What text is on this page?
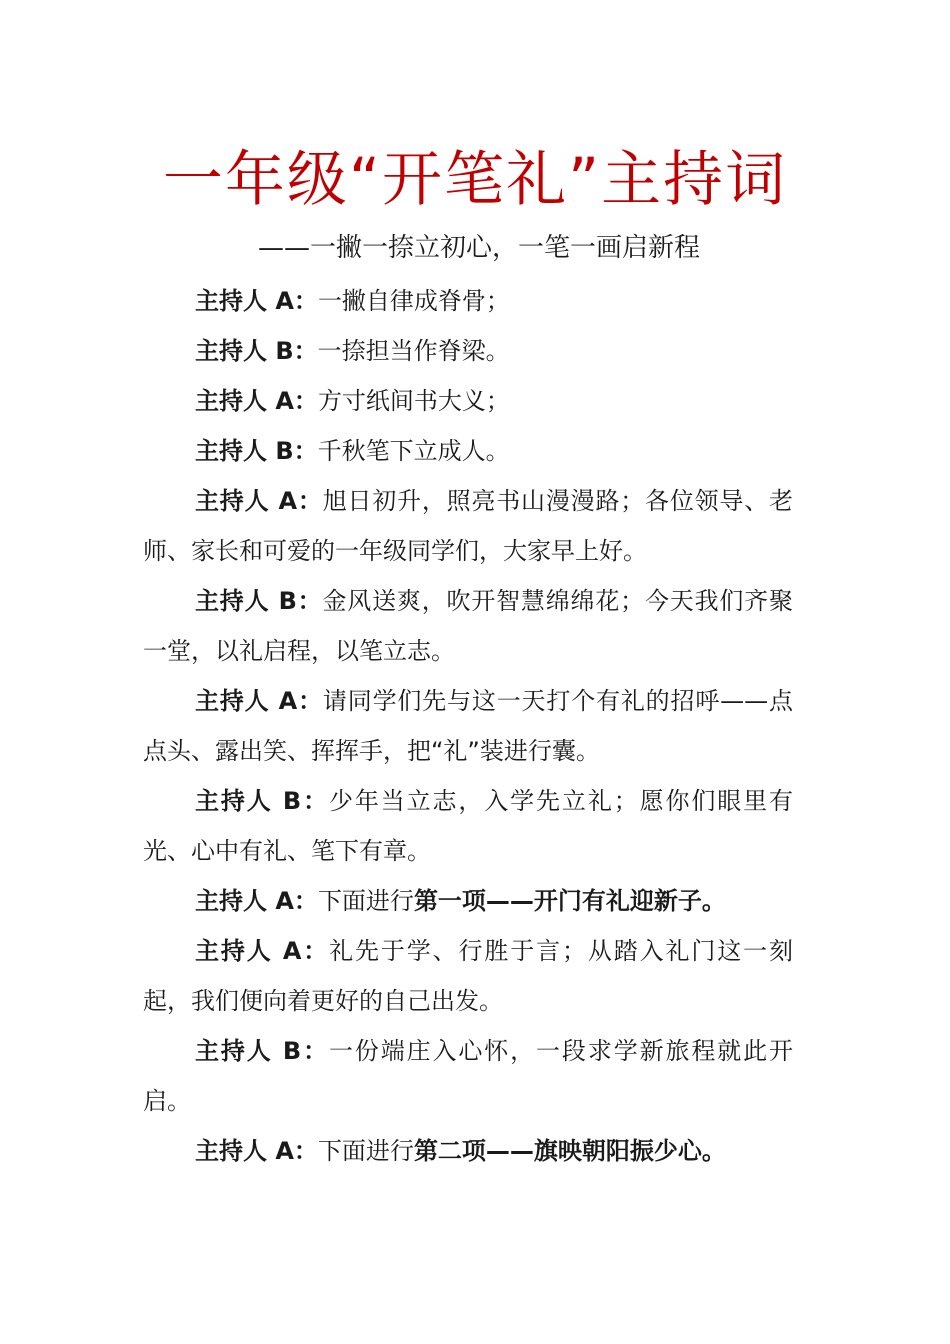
一年级“开笔礼”主持词

——一撇一捺立初心，一笔一画启新程

主持人 A：一撇自律成脊骨；

主持人 B：一捺担当作脊梁。

主持人 A：方寸纸间书大义；

主持人 B：千秋笔下立成人。

主持人 A：旭日初升，照亮书山漫漫路；各位领导、老师、家长和可爱的一年级同学们，大家早上好。

主持人 B：金风送爽，吹开智慧绵绵花；今天我们齐聚一堂，以礼启程，以笔立志。

主持人 A：请同学们先与这一天打个有礼的招呼——点点头、露出笑、挥挥手，把“礼”装进行囊。

主持人 B：少年当立志，入学先立礼；愿你们眼里有光、心中有礼、笔下有章。

主持人 A：下面进行第一项——开门有礼迎新子。

主持人 A：礼先于学、行胜于言；从踏入礼门这一刻起，我们便向着更好的自己出发。

主持人 B：一份端庄入心怀，一段求学新旅程就此开启。

主持人 A：下面进行第二项——旗映朝阳振少心。
